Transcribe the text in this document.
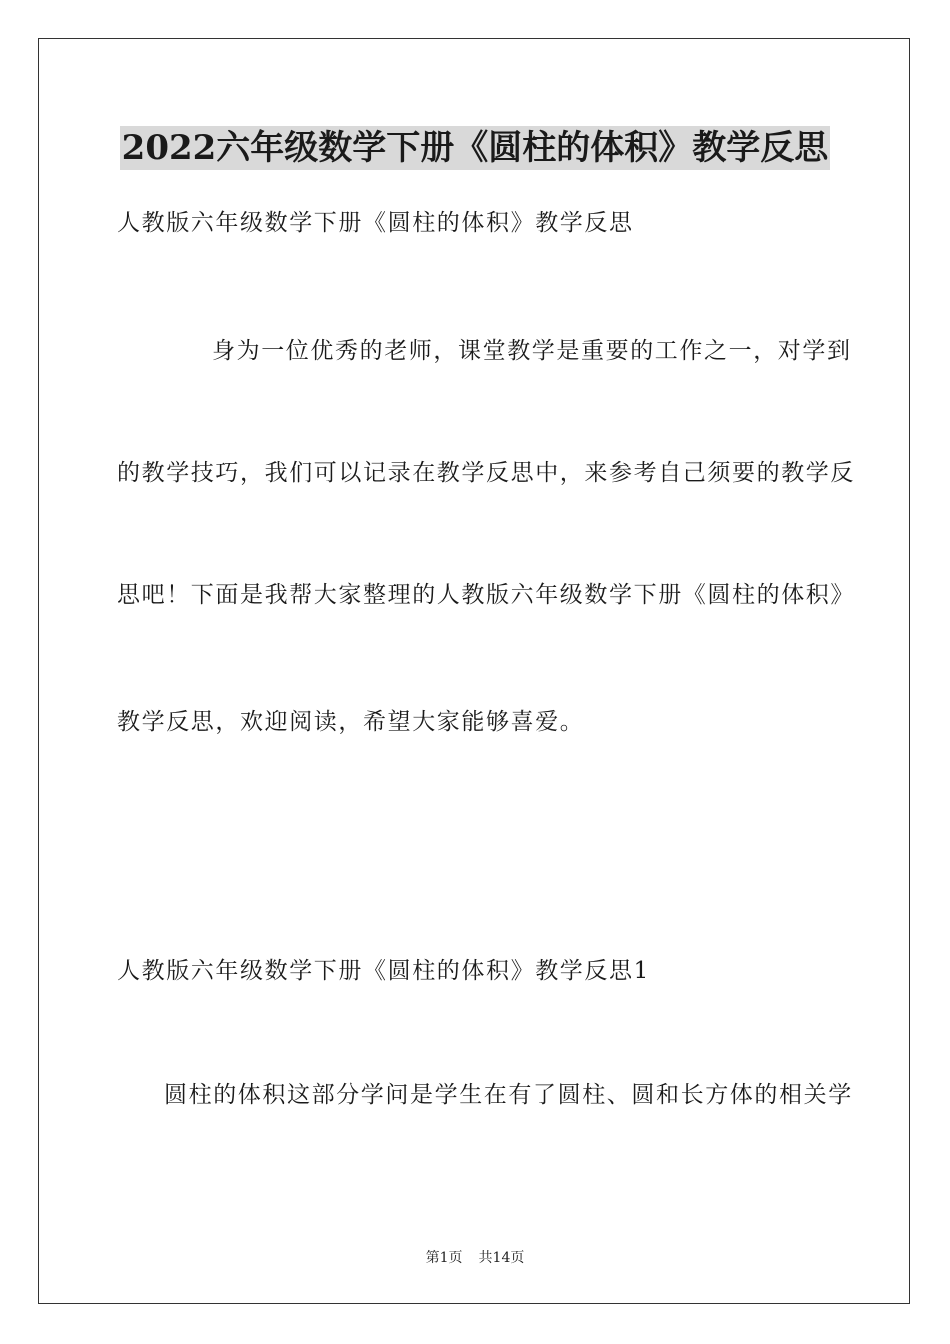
2022六年级数学下册《圆柱的体积》教学反思
人教版六年级数学下册《圆柱的体积》教学反思
身为一位优秀的老师，课堂教学是重要的工作之一，对学到
的教学技巧，我们可以记录在教学反思中，来参考自己须要的教学反
思吧！下面是我帮大家整理的人教版六年级数学下册《圆柱的体积》
教学反思，欢迎阅读，希望大家能够喜爱。
人教版六年级数学下册《圆柱的体积》教学反思1
圆柱的体积这部分学问是学生在有了圆柱、圆和长方体的相关学
第1页 共14页
